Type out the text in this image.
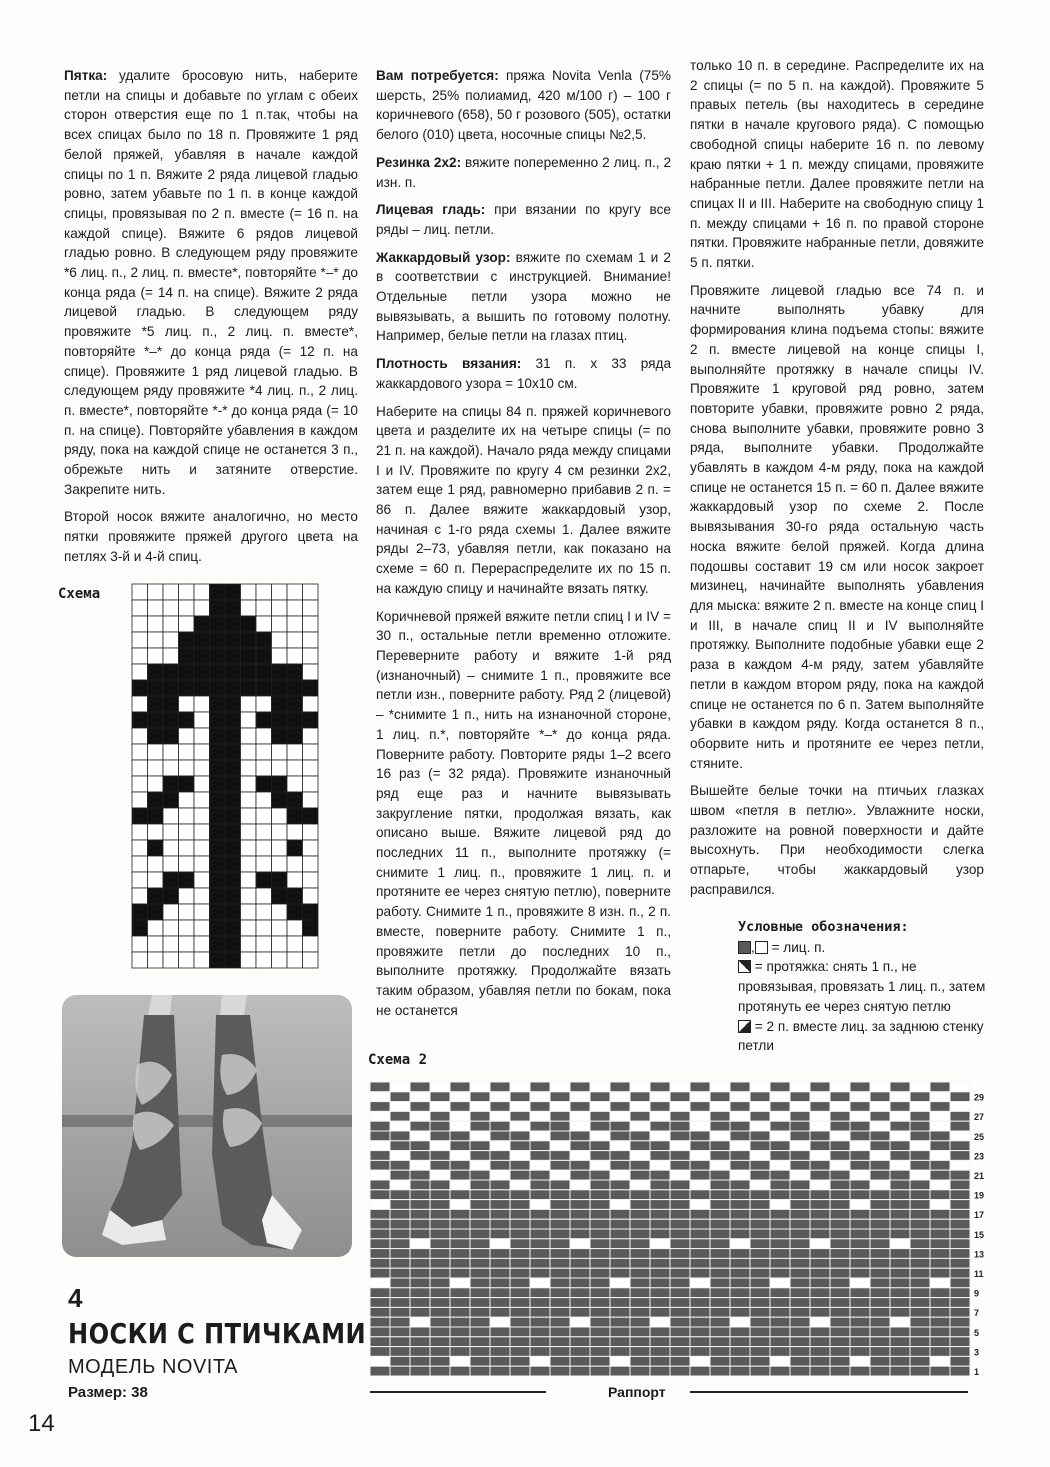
Пятка: удалите бросовую нить, наберите петли на спицы и добавьте по углам с обеих сторон отверстия еще по 1 п.так, чтобы на всех спицах было по 18 п. Провяжите 1 ряд белой пряжей, убавляя в начале каждой спицы по 1 п. Вяжите 2 ряда лицевой гладью ровно, затем убавьте по 1 п. в конце каждой спицы, провязывая по 2 п. вместе (= 16 п. на каждой спице). Вяжите 6 рядов лицевой гладью ровно. В следующем ряду провяжите *6 лиц. п., 2 лиц. п. вместе*, повторяйте *–* до конца ряда (= 14 п. на спице). Вяжите 2 ряда лицевой гладью. В следующем ряду провяжите *5 лиц. п., 2 лиц. п. вместе*, повторяйте *–* до конца ряда (= 12 п. на спице). Провяжите 1 ряд лицевой гладью. В следующем ряду провяжите *4 лиц. п., 2 лиц. п. вместе*, повторяйте *-* до конца ряда (= 10 п. на спице). Повторяйте убавления в каждом ряду, пока на каждой спице не останется 3 п., обрежьте нить и затяните отверстие. Закрепите нить.

Второй носок вяжите аналогично, но место пятки провяжите пряжей другого цвета на петлях 3-й и 4-й спиц.

Вам потребуется: пряжа Novita Venla (75% шерсть, 25% полиамид, 420 м/100 г) – 100 г коричневого (658), 50 г розового (505), остатки белого (010) цвета, носочные спицы №2,5.

Резинка 2х2: вяжите попеременно 2 лиц. п., 2 изн. п.

Лицевая гладь: при вязании по кругу все ряды – лиц. петли.

Жаккардовый узор: вяжите по схемам 1 и 2 в соответствии с инструкцией. Внимание! Отдельные петли узора можно не вывязывать, а вышить по готовому полотну. Например, белые петли на глазах птиц.

Плотность вязания: 31 п. х 33 ряда жаккардового узора = 10х10 см.

Наберите на спицы 84 п. пряжей коричневого цвета и разделите их на четыре спицы (= по 21 п. на каждой). Начало ряда между спицами I и IV. Провяжите по кругу 4 см резинки 2х2, затем еще 1 ряд, равномерно прибавив 2 п. = 86 п. Далее вяжите жаккардовый узор, начиная с 1-го ряда схемы 1. Далее вяжите ряды 2–73, убавляя петли, как показано на схеме = 60 п. Перераспределите их по 15 п. на каждую спицу и начинайте вязать пятку.

Коричневой пряжей вяжите петли спиц I и IV = 30 п., остальные петли временно отложите. Переверните работу и вяжите 1-й ряд (изнаночный) – снимите 1 п., провяжите все петли изн., поверните работу. Ряд 2 (лицевой) – *снимите 1 п., нить на изнаночной стороне, 1 лиц. п.*, повторяйте *–* до конца ряда. Поверните работу. Повторите ряды 1–2 всего 16 раз (= 32 ряда). Провяжите изнаночный ряд еще раз и начните вывязывать закругление пятки, продолжая вязать, как описано выше. Вяжите лицевой ряд до последних 11 п., выполните протяжку (= снимите 1 лиц. п., провяжите 1 лиц. п. и протяните ее через снятую петлю), поверните работу. Снимите 1 п., провяжите 8 изн. п., 2 п. вместе, поверните работу. Снимите 1 п., провяжите петли до последних 10 п., выполните протяжку. Продолжайте вязать таким образом, убавляя петли по бокам, пока не останется

только 10 п. в середине. Распределите их на 2 спицы (= по 5 п. на каждой). Провяжите 5 правых петель (вы находитесь в середине пятки в начале кругового ряда). С помощью свободной спицы наберите 16 п. по левому краю пятки + 1 п. между спицами, провяжите набранные петли. Далее провяжите петли на спицах II и III. Наберите на свободную спицу 1 п. между спицами + 16 п. по правой стороне пятки. Провяжите набранные петли, довяжите 5 п. пятки.

Провяжите лицевой гладью все 74 п. и начните выполнять убавку для формирования клина подъема стопы: вяжите 2 п. вместе лицевой на конце спицы I, выполняйте протяжку в начале спицы IV. Провяжите 1 круговой ряд ровно, затем повторите убавки, провяжите ровно 2 ряда, снова выполните убавки, провяжите ровно 3 ряда, выполните убавки. Продолжайте убавлять в каждом 4-м ряду, пока на каждой спице не останется 15 п. = 60 п. Далее вяжите жаккардовый узор по схеме 2. После вывязывания 30-го ряда остальную часть носка вяжите белой пряжей. Когда длина подошвы составит 19 см или носок закроет мизинец, начинайте выполнять убавления для мыска: вяжите 2 п. вместе на конце спиц I и III, в начале спиц II и IV выполняйте протяжку. Выполните подобные убавки еще 2 раза в каждом 4-м ряду, затем убавляйте петли в каждом втором ряду, пока на каждой спице не останется по 6 п. Затем выполняйте убавки в каждом ряду. Когда останется 8 п., оборвите нить и протяните ее через петли, стяните.

Вышейте белые точки на птичьих глазках швом «петля в петлю». Увлажните носки, разложите на ровной поверхности и дайте высохнуть. При необходимости слегка отпарьте, чтобы жаккардовый узор расправился.

Условные обозначения:
, = лиц. п.
= протяжка: снять 1 п., не провязывая, провязать 1 лиц. п., затем протянуть ее через снятую петлю
= 2 п. вместе лиц. за заднюю стенку петли
Схема
4
НОСКИ С ПТИЧКАМИ
МОДЕЛЬ NOVITA
Размер: 38
14
Схема 2
29
27
25
23
21
19
17
15
13
11
9
7
5
3
1
Раппорт
